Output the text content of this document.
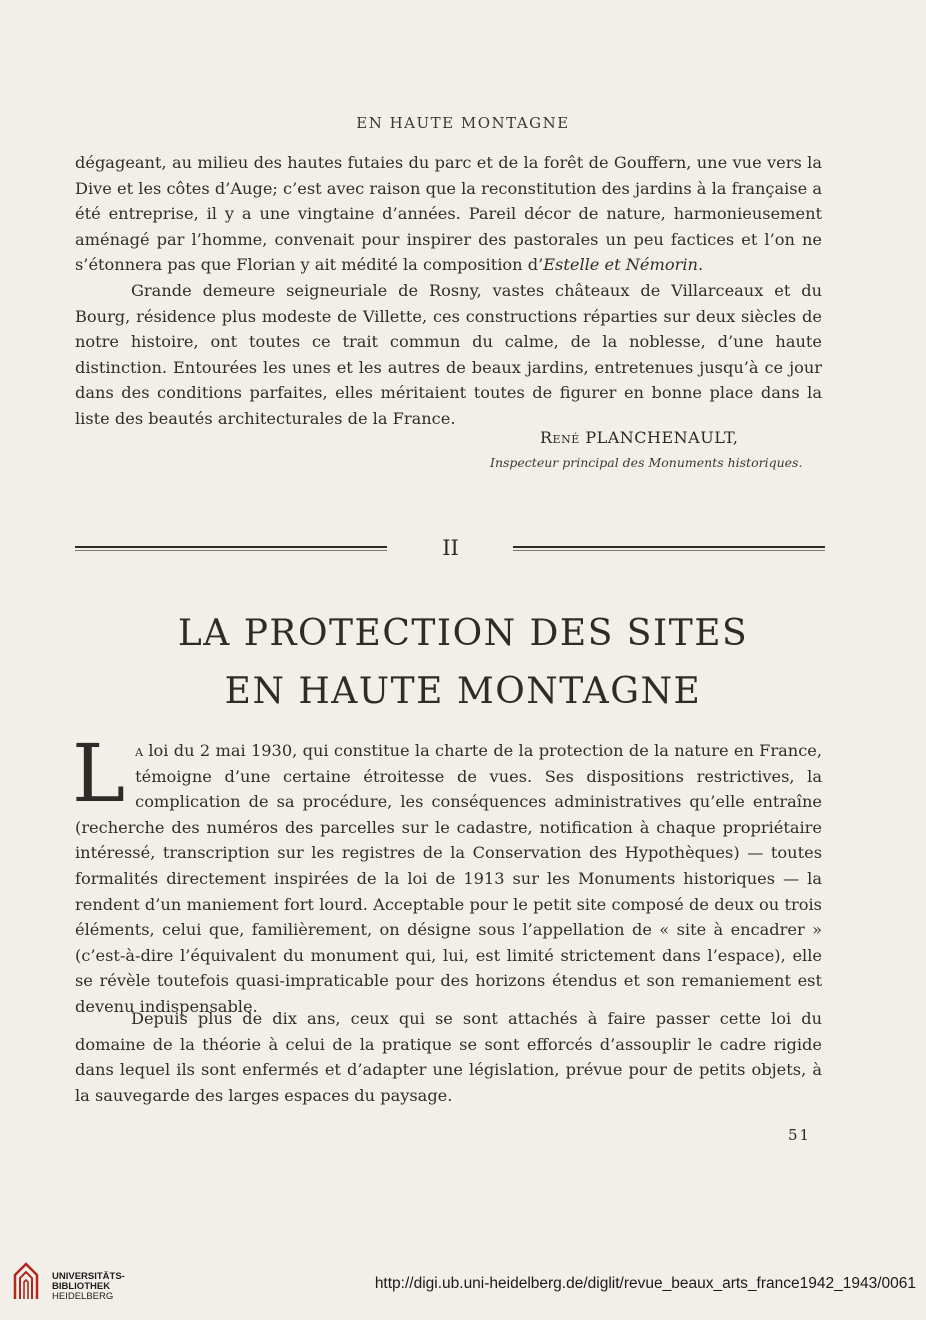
EN HAUTE MONTAGNE

dégageant, au milieu des hautes futaies du parc et de la forêt de Gouffern, une vue vers la Dive et les côtes d’Auge; c’est avec raison que la reconstitution des jardins à la française a été entreprise, il y a une vingtaine d’années. Pareil décor de nature, harmonieusement aménagé par l’homme, convenait pour inspirer des pastorales un peu factices et l’on ne s’étonnera pas que Florian y ait médité la composition d’Estelle et Némorin.

Grande demeure seigneuriale de Rosny, vastes châteaux de Villarceaux et du Bourg, résidence plus modeste de Villette, ces constructions réparties sur deux siècles de notre histoire, ont toutes ce trait commun du calme, de la noblesse, d’une haute distinction. Entourées les unes et les autres de beaux jardins, entretenues jusqu’à ce jour dans des conditions parfaites, elles méritaient toutes de figurer en bonne place dans la liste des beautés architecturales de la France.

René PLANCHENAULT,
Inspecteur principal des Monuments historiques.
II
LA PROTECTION DES SITES
EN HAUTE MONTAGNE

La loi du 2 mai 1930, qui constitue la charte de la protection de la nature en France, témoigne d’une certaine étroitesse de vues. Ses dispositions restrictives, la complication de sa procédure, les conséquences administratives qu’elle entraîne (recherche des numéros des parcelles sur le cadastre, notification à chaque propriétaire intéressé, transcription sur les registres de la Conservation des Hypothèques) — toutes formalités directement inspirées de la loi de 1913 sur les Monuments historiques — la rendent d’un maniement fort lourd. Acceptable pour le petit site composé de deux ou trois éléments, celui que, familièrement, on désigne sous l’appellation de « site à encadrer » (c’est-à-dire l’équivalent du monument qui, lui, est limité strictement dans l’espace), elle se révèle toutefois quasi-impraticable pour des horizons étendus et son remaniement est devenu indispensable.

Depuis plus de dix ans, ceux qui se sont attachés à faire passer cette loi du domaine de la théorie à celui de la pratique se sont efforcés d’assouplir le cadre rigide dans lequel ils sont enfermés et d’adapter une législation, prévue pour de petits objets, à la sauvegarde des larges espaces du paysage.

51
UNIVERSITÄTS-
BIBLIOTHEK
HEIDELBERG
http://digi.ub.uni-heidelberg.de/diglit/revue_beaux_arts_france1942_1943/0061
